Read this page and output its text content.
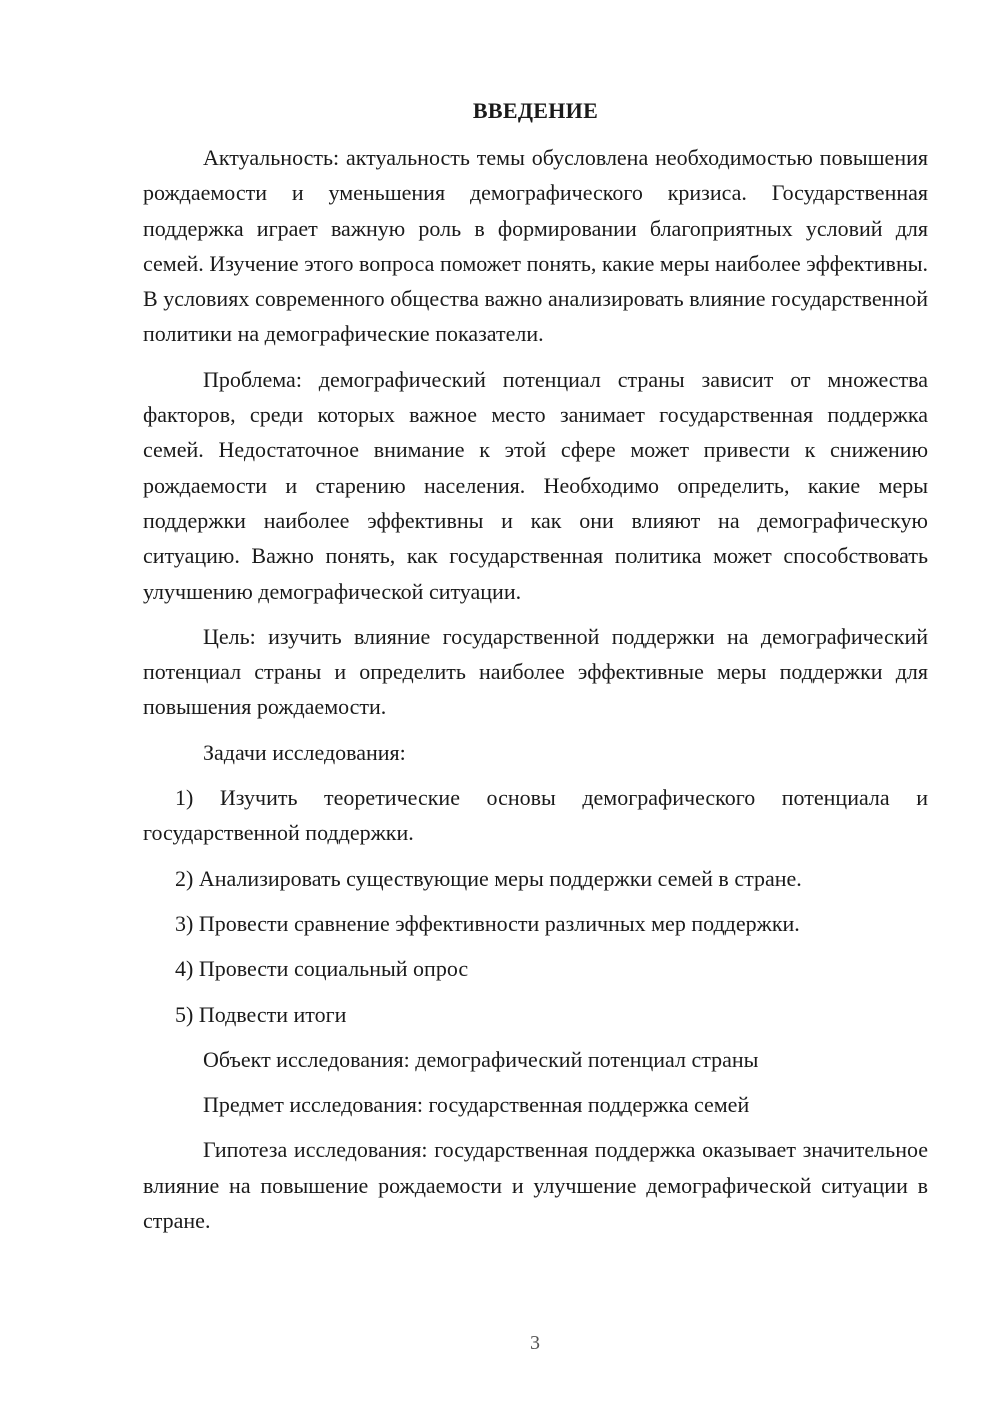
ВВЕДЕНИЕ

Актуальность: актуальность темы обусловлена необходимостью повышения рождаемости и уменьшения демографического кризиса. Государственная поддержка играет важную роль в формировании благоприятных условий для семей. Изучение этого вопроса поможет понять, какие меры наиболее эффективны. В условиях современного общества важно анализировать влияние государственной политики на демографические показатели.

Проблема: демографический потенциал страны зависит от множества факторов, среди которых важное место занимает государственная поддержка семей. Недостаточное внимание к этой сфере может привести к снижению рождаемости и старению населения. Необходимо определить, какие меры поддержки наиболее эффективны и как они влияют на демографическую ситуацию. Важно понять, как государственная политика может способствовать улучшению демографической ситуации.

Цель: изучить влияние государственной поддержки на демографический потенциал страны и определить наиболее эффективные меры поддержки для повышения рождаемости.

Задачи исследования:

1) Изучить теоретические основы демографического потенциала и государственной поддержки.

2) Анализировать существующие меры поддержки семей в стране.

3) Провести сравнение эффективности различных мер поддержки.

4) Провести социальный опрос

5) Подвести итоги

Объект исследования: демографический потенциал страны

Предмет исследования: государственная поддержка семей

Гипотеза исследования: государственная поддержка оказывает значительное влияние на повышение рождаемости и улучшение демографической ситуации в стране.

3
